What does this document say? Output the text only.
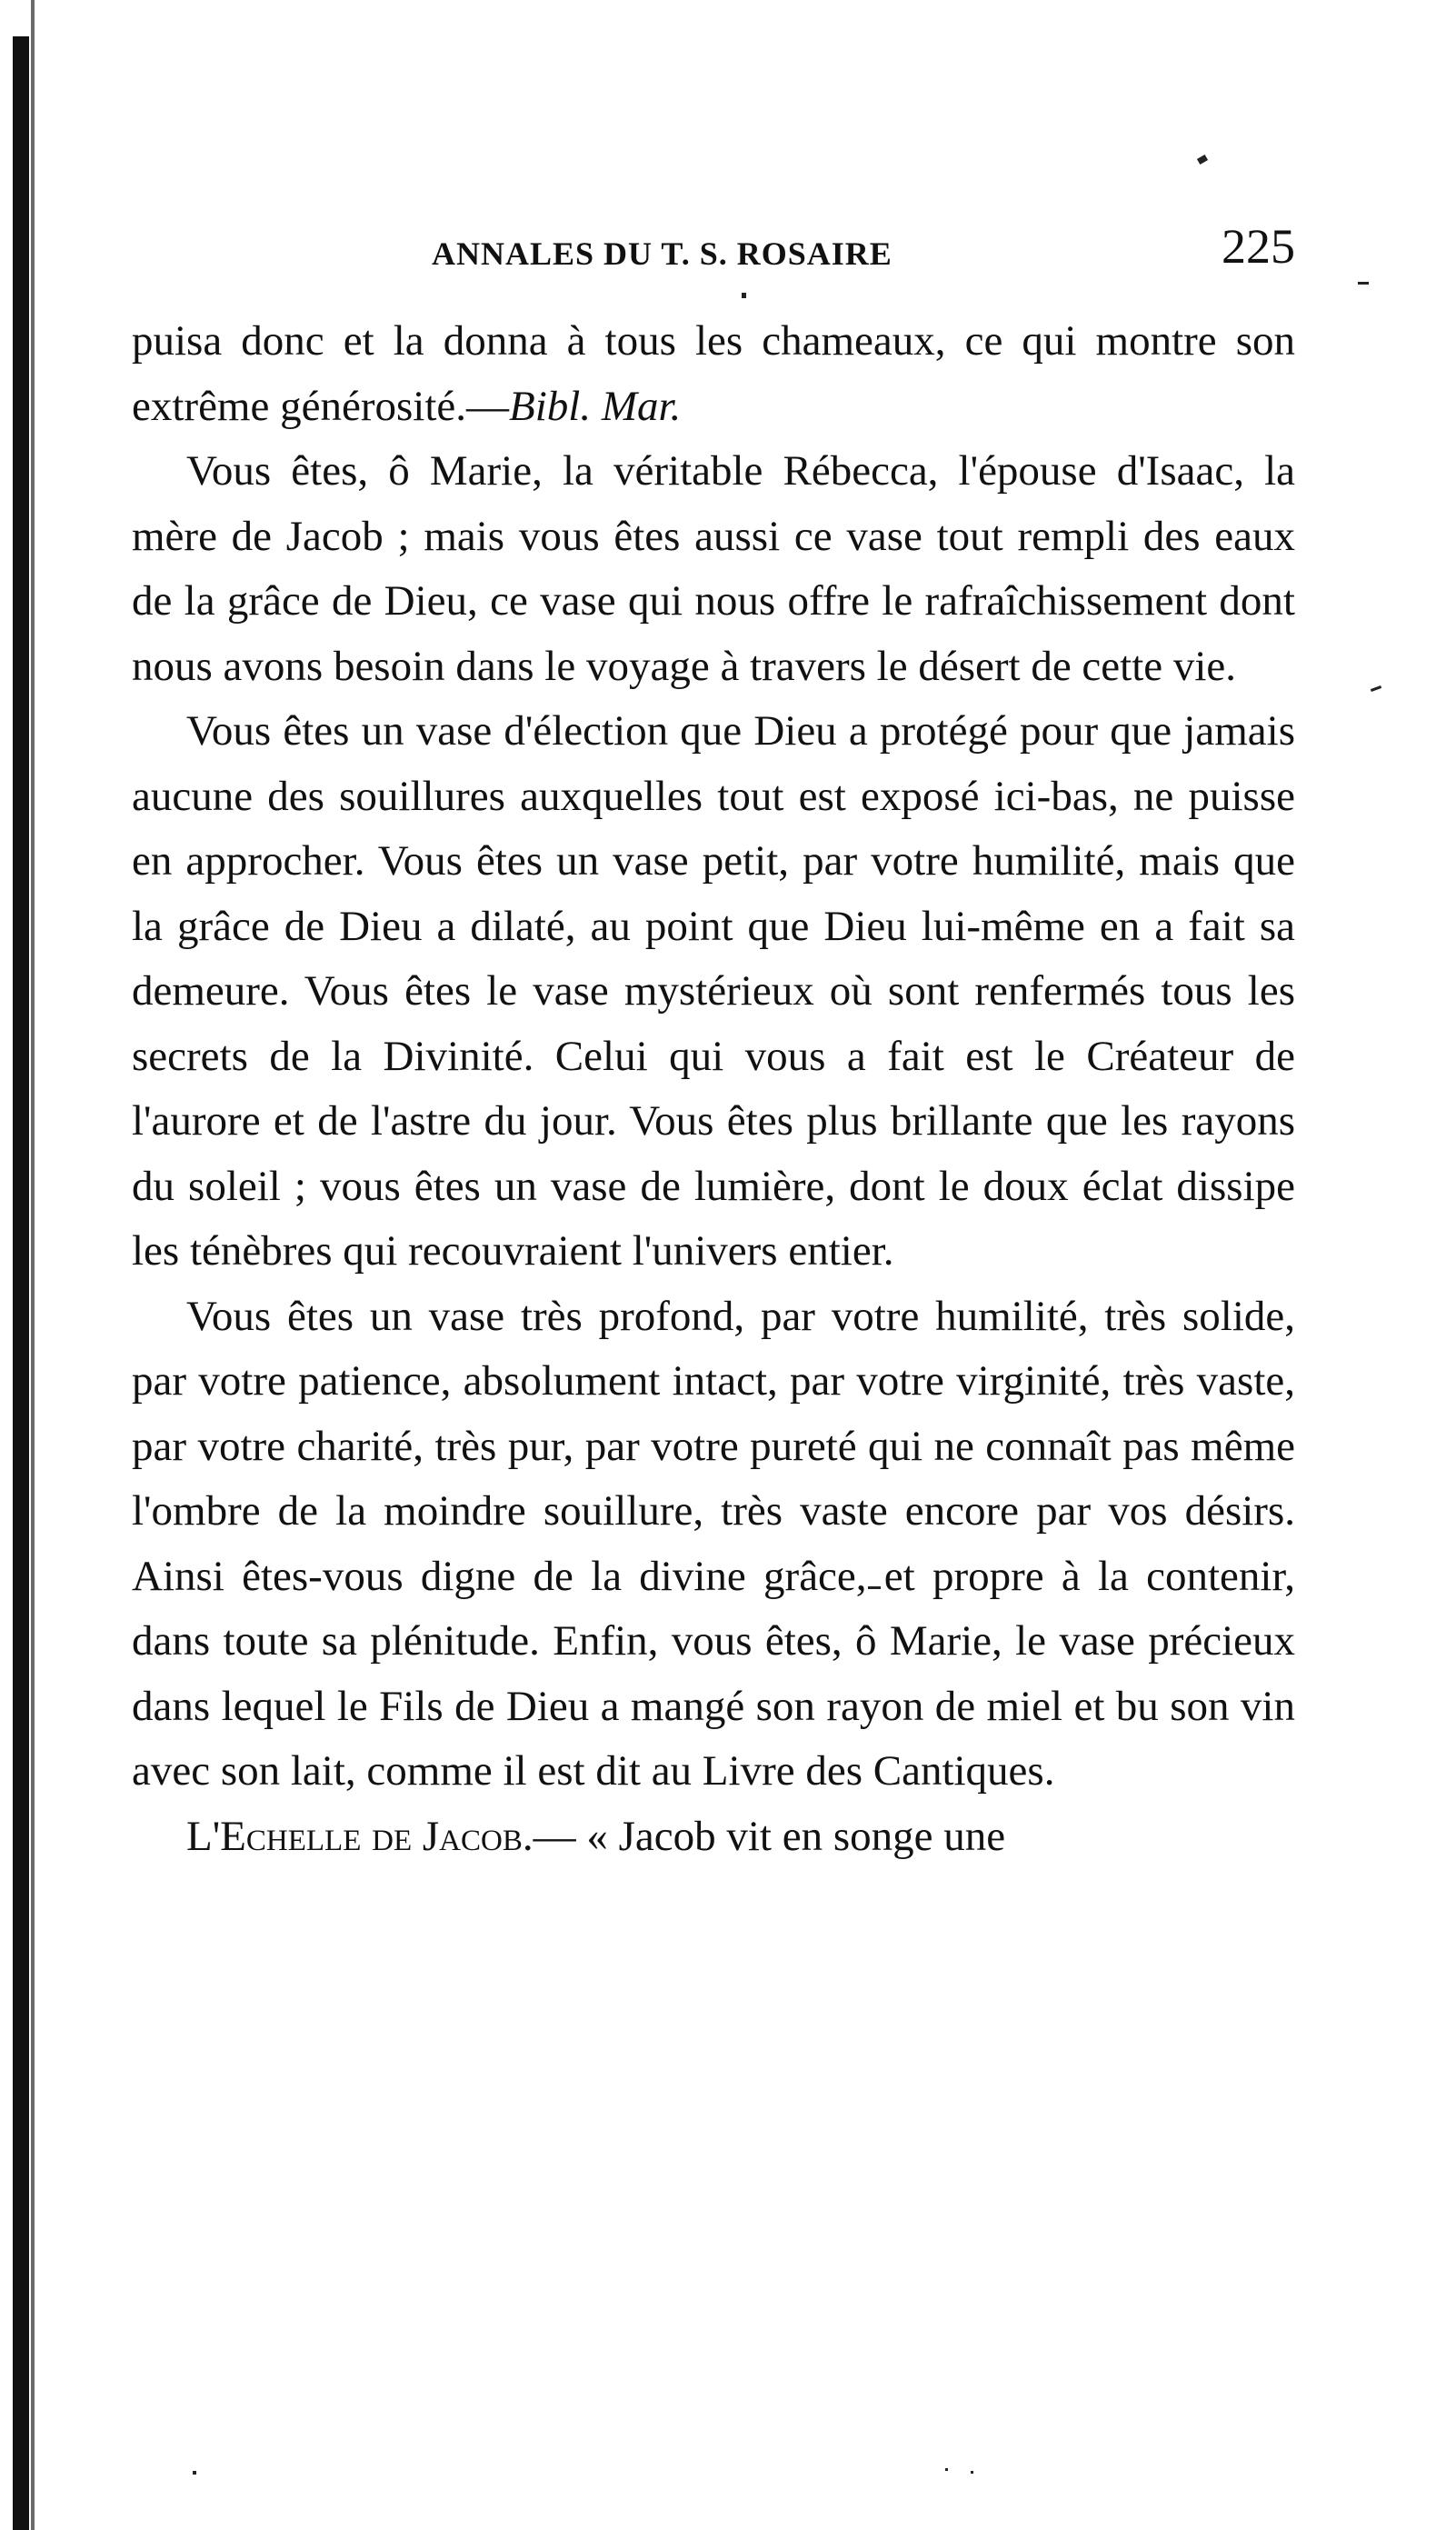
ANNALES DU T. S. ROSAIRE	225

puisa donc et la donna à tous les chameaux, ce qui montre son extrême générosité.—Bibl. Mar.

Vous êtes, ô Marie, la véritable Rébecca, l'épouse d'Isaac, la mère de Jacob ; mais vous êtes aussi ce vase tout rempli des eaux de la grâce de Dieu, ce vase qui nous offre le rafraîchissement dont nous avons besoin dans le voyage à travers le désert de cette vie.

Vous êtes un vase d'élection que Dieu a protégé pour que jamais aucune des souillures auxquelles tout est exposé ici-bas, ne puisse en approcher. Vous êtes un vase petit, par votre humilité, mais que la grâce de Dieu a dilaté, au point que Dieu lui-même en a fait sa demeure. Vous êtes le vase mystérieux où sont renfermés tous les secrets de la Divinité. Celui qui vous a fait est le Créateur de l'aurore et de l'astre du jour. Vous êtes plus brillante que les rayons du soleil ; vous êtes un vase de lumière, dont le doux éclat dissipe les ténèbres qui recouvraient l'univers entier.

Vous êtes un vase très profond, par votre humilité, très solide, par votre patience, absolument intact, par votre virginité, très vaste, par votre charité, très pur, par votre pureté qui ne connaît pas même l'ombre de la moindre souillure, très vaste encore par vos désirs. Ainsi êtes-vous digne de la divine grâce, et propre à la contenir, dans toute sa plénitude. Enfin, vous êtes, ô Marie, le vase précieux dans lequel le Fils de Dieu a mangé son rayon de miel et bu son vin avec son lait, comme il est dit au Livre des Cantiques.

L'Echelle de Jacob.— « Jacob vit en songe une
